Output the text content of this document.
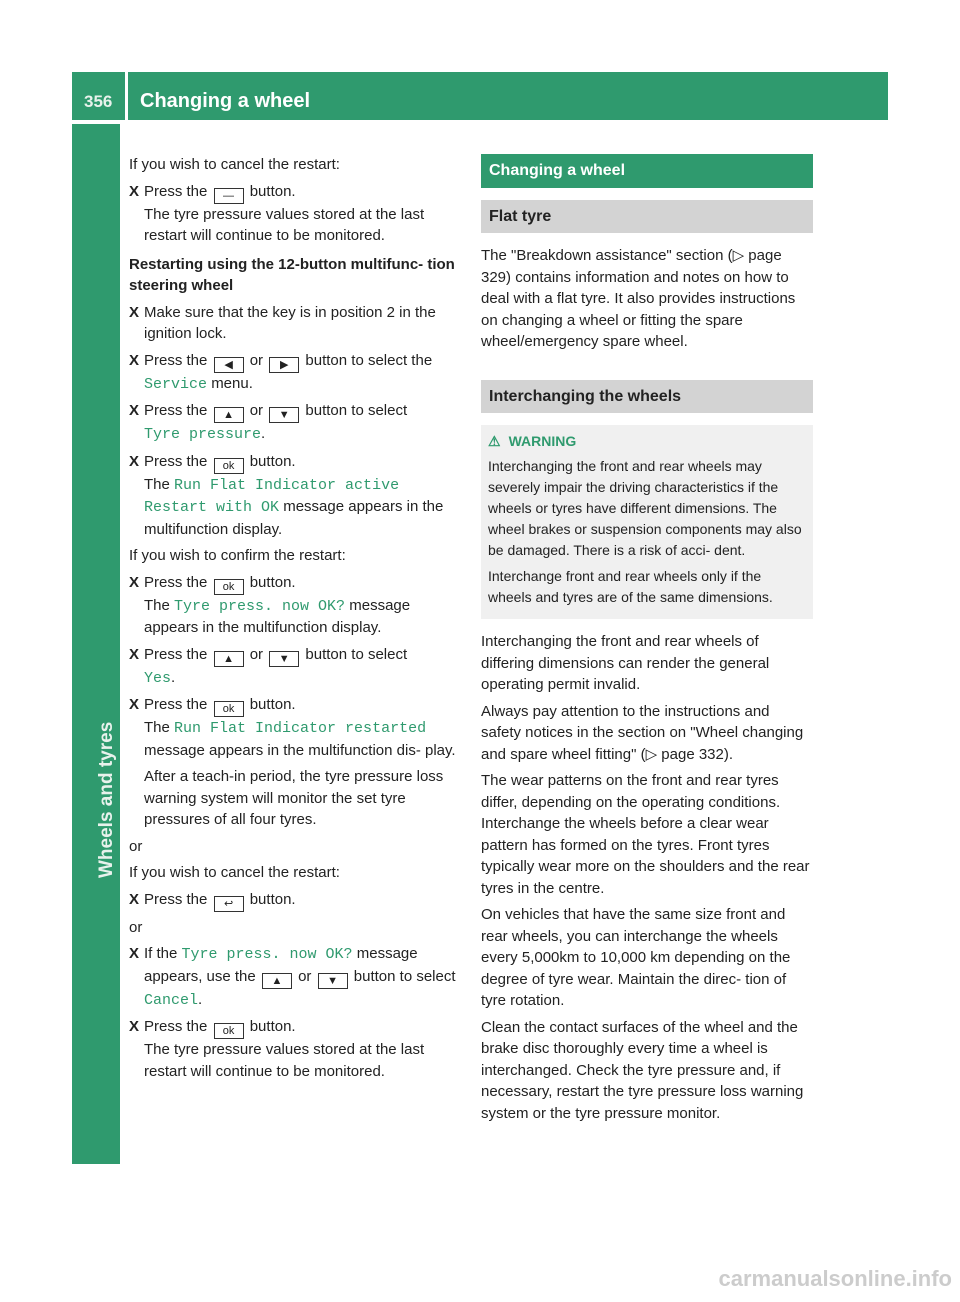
356 Changing a wheel
Wheels and tyres

If you wish to cancel the restart:

X Press the — button.
The tyre pressure values stored at the last restart will continue to be monitored.

Restarting using the 12-button multifunc- tion steering wheel

X Make sure that the key is in position 2 in the ignition lock.
X Press the ◀ or ▶ button to select the
Service menu.
X Press the ▲ or ▼ button to select
Tyre pressure.
X Press the ok button.
The Run Flat Indicator active Restart with OK message appears in the multifunction display.

If you wish to confirm the restart:

X Press the ok button.
The Tyre press. now OK? message appears in the multifunction display.
X Press the ▲ or ▼ button to select
Yes.
X Press the ok button.
The Run Flat Indicator restarted message appears in the multifunction dis- play.
After a teach-in period, the tyre pressure loss warning system will monitor the set tyre pressures of all four tyres.

or

If you wish to cancel the restart:

X Press the ↩ button.

or

X If the Tyre press. now OK? message appears, use the ▲ or ▼ button to select Cancel.
X Press the ok button.
The tyre pressure values stored at the last restart will continue to be monitored.
Changing a wheel
Flat tyre

The "Breakdown assistance" section (▷ page 329) contains information and notes on how to deal with a flat tyre. It also provides instructions on changing a wheel or fitting the spare wheel/emergency spare wheel.

Interchanging the wheels
⚠ WARNING

Interchanging the front and rear wheels may severely impair the driving characteristics if the wheels or tyres have different dimensions. The wheel brakes or suspension components may also be damaged. There is a risk of acci- dent.

Interchange front and rear wheels only if the wheels and tyres are of the same dimensions.

Interchanging the front and rear wheels of differing dimensions can render the general operating permit invalid.

Always pay attention to the instructions and safety notices in the section on "Wheel changing and spare wheel fitting" (▷ page 332).

The wear patterns on the front and rear tyres differ, depending on the operating conditions. Interchange the wheels before a clear wear pattern has formed on the tyres. Front tyres typically wear more on the shoulders and the rear tyres in the centre.

On vehicles that have the same size front and rear wheels, you can interchange the wheels every 5,000km to 10,000 km depending on the degree of tyre wear. Maintain the direc- tion of tyre rotation.

Clean the contact surfaces of the wheel and the brake disc thoroughly every time a wheel is interchanged. Check the tyre pressure and, if necessary, restart the tyre pressure loss warning system or the tyre pressure monitor.

carmanualsonline.info
